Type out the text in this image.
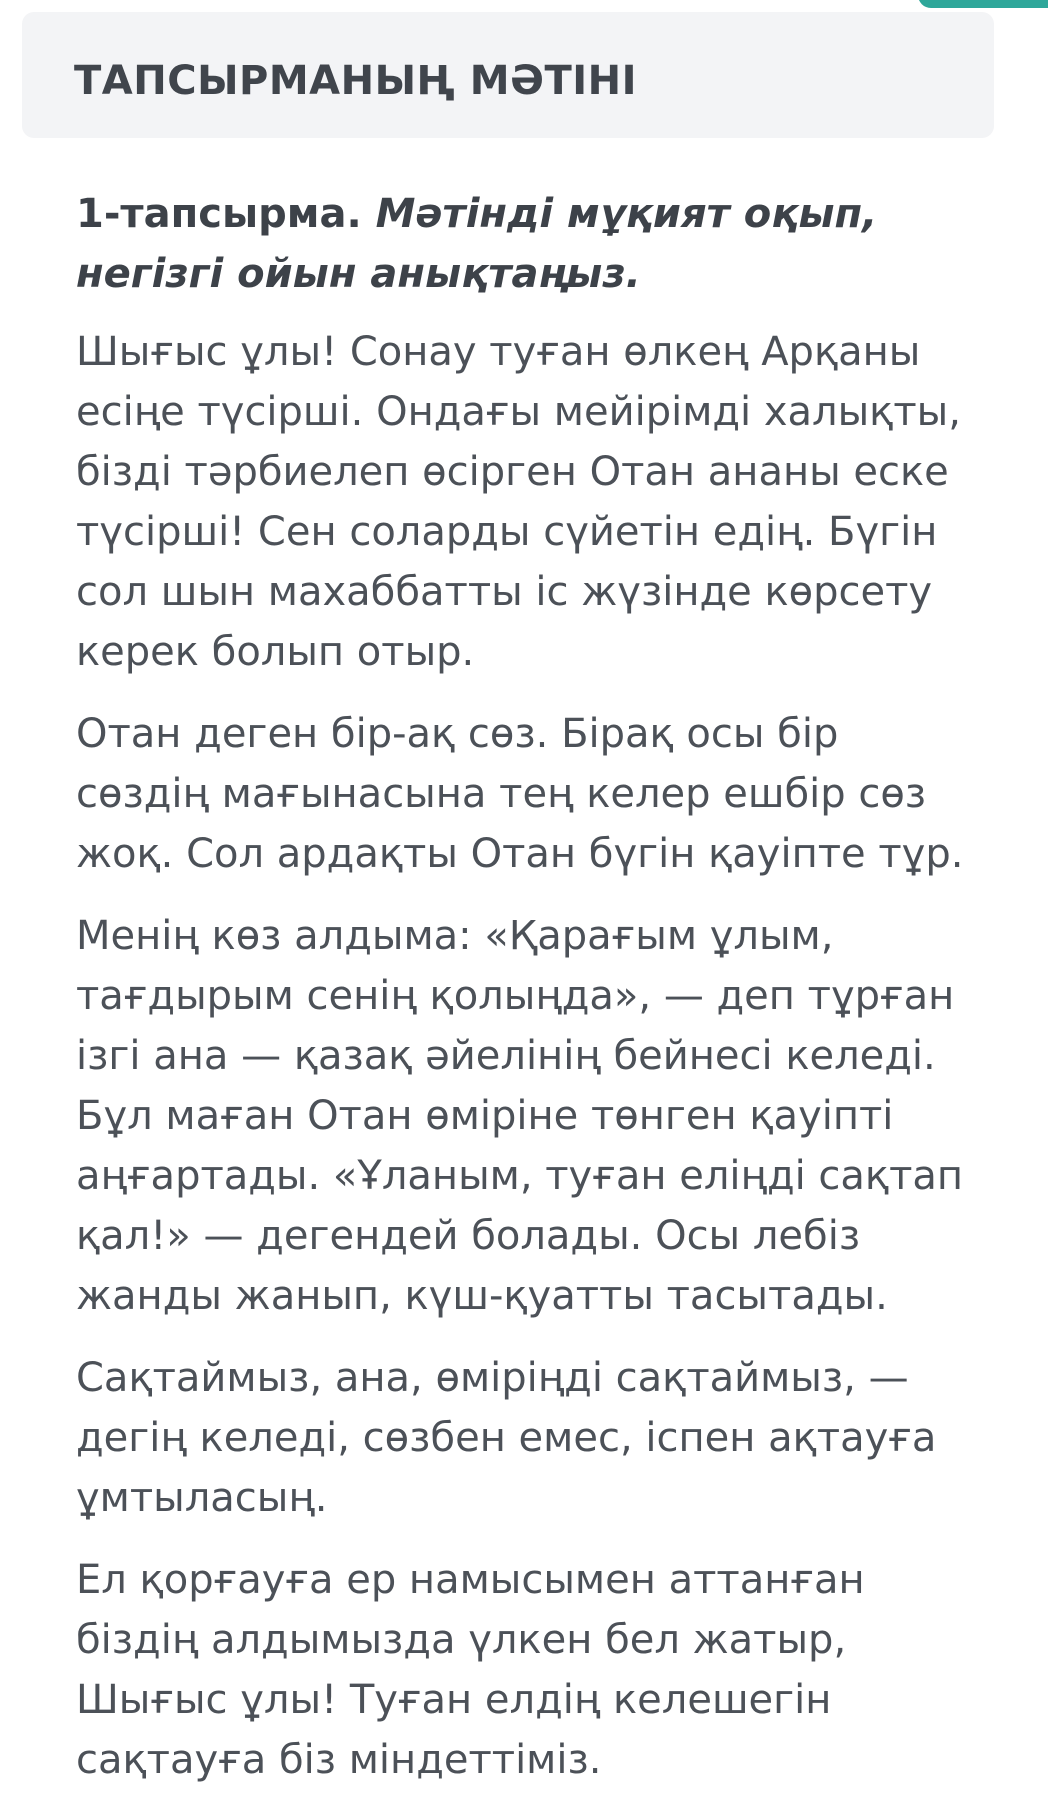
ТАПСЫРМАНЫҢ МӘТІНІ

1-тапсырма. Мәтінді мұқият оқып, негізгі ойын анықтаңыз.

Шығыс ұлы! Сонау туған өлкең Арқаны
есіңе түсірші. Ондағы мейірімді халықты,
бізді тәрбиелеп өсірген Отан ананы еске
түсірші! Сен соларды сүйетін едің. Бүгін
сол шын махаббатты іс жүзінде көрсету
керек болып отыр.

Отан деген бір-ақ сөз. Бірақ осы бір
сөздің мағынасына тең келер ешбір сөз
жоқ. Сол ардақты Отан бүгін қауіпте тұр.

Менің көз алдыма: «Қарағым ұлым,
тағдырым сенің қолыңда», — деп тұрған
ізгі ана — қазақ әйелінің бейнесі келеді.
Бұл маған Отан өміріне төнген қауіпті
аңғартады. «Ұланым, туған еліңді сақтап
қал!» — дегендей болады. Осы лебіз
жанды жанып, күш-қуатты тасытады.

Сақтаймыз, ана, өміріңді сақтаймыз, —
дегің келеді, сөзбен емес, іспен ақтауға
ұмтыласың.

Ел қорғауға ер намысымен аттанған
біздің алдымызда үлкен бел жатыр,
Шығыс ұлы! Туған елдің келешегін
сақтауға біз міндеттіміз.
